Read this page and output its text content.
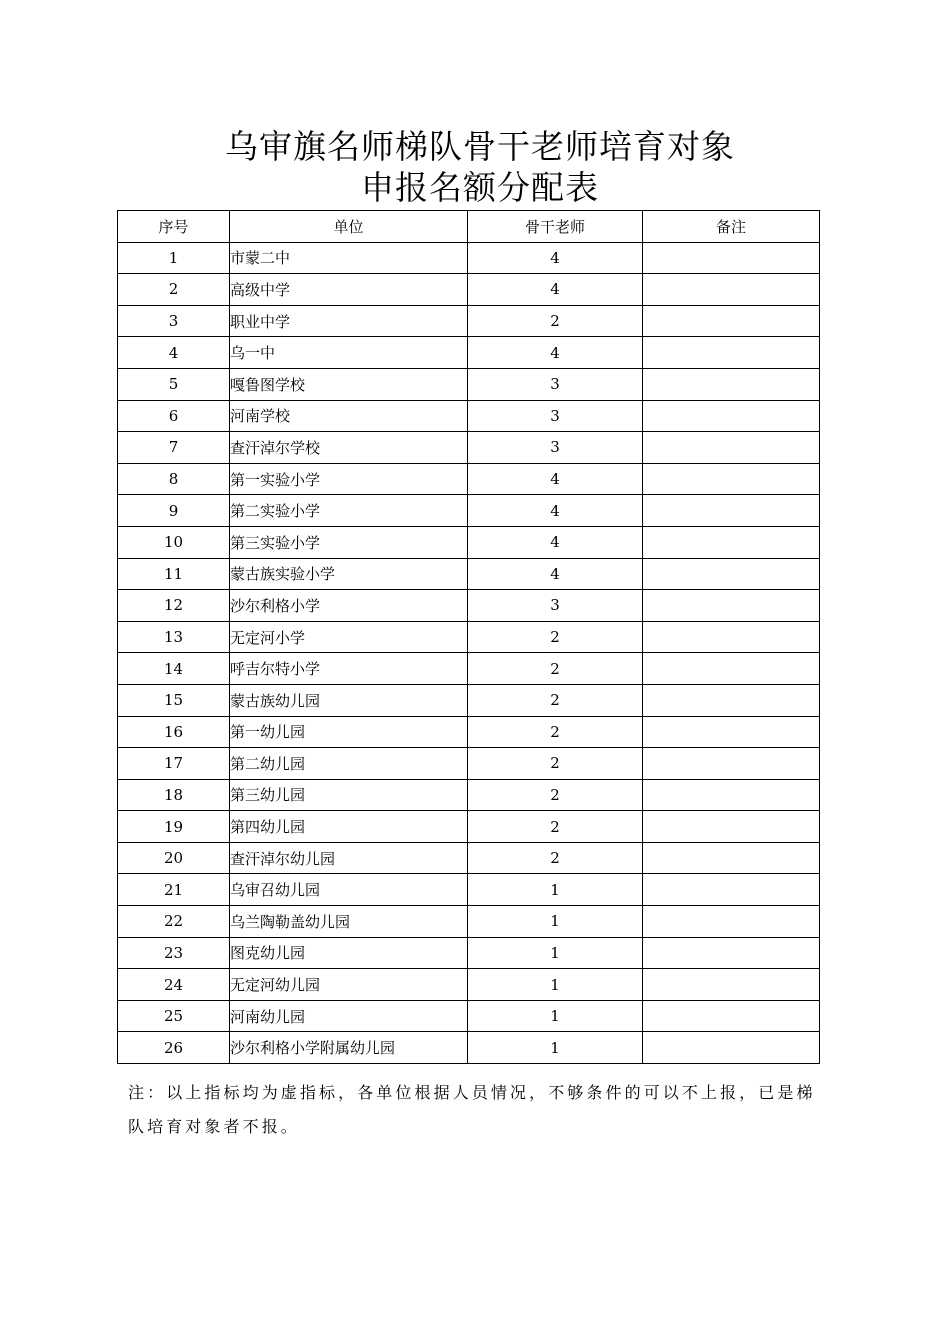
乌审旗名师梯队骨干老师培育对象
申报名额分配表
序号	单位	骨干老师	备注
1	市蒙二中	4	
2	高级中学	4	
3	职业中学	2	
4	乌一中	4	
5	嘎鲁图学校	3	
6	河南学校	3	
7	查汗淖尔学校	3	
8	第一实验小学	4	
9	第二实验小学	4	
10	第三实验小学	4	
11	蒙古族实验小学	4	
12	沙尔利格小学	3	
13	无定河小学	2	
14	呼吉尔特小学	2	
15	蒙古族幼儿园	2	
16	第一幼儿园	2	
17	第二幼儿园	2	
18	第三幼儿园	2	
19	第四幼儿园	2	
20	查汗淖尔幼儿园	2	
21	乌审召幼儿园	1	
22	乌兰陶勒盖幼儿园	1	
23	图克幼儿园	1	
24	无定河幼儿园	1	
25	河南幼儿园	1	
26	沙尔利格小学附属幼儿园	1	

注：以上指标均为虚指标，各单位根据人员情况，不够条件的可以不上报，已是梯队培育对象者不报。
